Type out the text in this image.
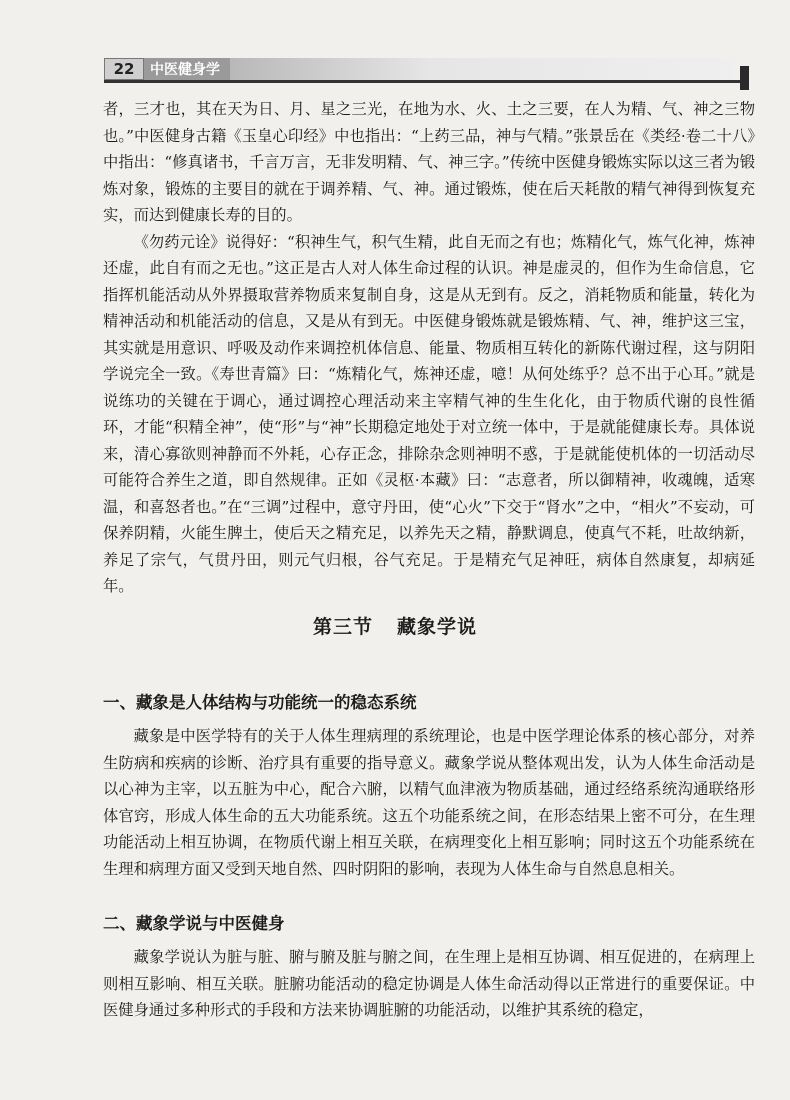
22	中医健身学

者，三才也，其在天为日、月、星之三光，在地为水、火、土之三要，在人为精、气、神之三物也。”中医健身古籍《玉皇心印经》中也指出：“上药三品，神与气精。”张景岳在《类经·卷二十八》中指出：“修真诸书，千言万言，无非发明精、气、神三字。”传统中医健身锻炼实际以这三者为锻炼对象，锻炼的主要目的就在于调养精、气、神。通过锻炼，使在后天耗散的精气神得到恢复充实，而达到健康长寿的目的。

《勿药元诠》说得好：“积神生气，积气生精，此自无而之有也；炼精化气，炼气化神，炼神还虚，此自有而之无也。”这正是古人对人体生命过程的认识。神是虚灵的，但作为生命信息，它指挥机能活动从外界摄取营养物质来复制自身，这是从无到有。反之，消耗物质和能量，转化为精神活动和机能活动的信息，又是从有到无。中医健身锻炼就是锻炼精、气、神，维护这三宝，其实就是用意识、呼吸及动作来调控机体信息、能量、物质相互转化的新陈代谢过程，这与阴阳学说完全一致。《寿世青篇》曰：“炼精化气，炼神还虚，噫！从何处练乎？总不出于心耳。”就是说练功的关键在于调心，通过调控心理活动来主宰精气神的生生化化，由于物质代谢的良性循环，才能“积精全神”，使“形”与“神”长期稳定地处于对立统一体中，于是就能健康长寿。具体说来，清心寡欲则神静而不外耗，心存正念，排除杂念则神明不惑，于是就能使机体的一切活动尽可能符合养生之道，即自然规律。正如《灵枢·本藏》曰：“志意者，所以御精神，收魂魄，适寒温，和喜怒者也。”在“三调”过程中，意守丹田，使“心火”下交于“肾水”之中，“相火”不妄动，可保养阴精，火能生脾土，使后天之精充足，以养先天之精，静默调息，使真气不耗，吐故纳新，养足了宗气，气贯丹田，则元气归根，谷气充足。于是精充气足神旺，病体自然康复，却病延年。

第三节 藏象学说
一、藏象是人体结构与功能统一的稳态系统

藏象是中医学特有的关于人体生理病理的系统理论，也是中医学理论体系的核心部分，对养生防病和疾病的诊断、治疗具有重要的指导意义。藏象学说从整体观出发，认为人体生命活动是以心神为主宰，以五脏为中心，配合六腑，以精气血津液为物质基础，通过经络系统沟通联络形体官窍，形成人体生命的五大功能系统。这五个功能系统之间，在形态结果上密不可分，在生理功能活动上相互协调，在物质代谢上相互关联，在病理变化上相互影响；同时这五个功能系统在生理和病理方面又受到天地自然、四时阴阳的影响，表现为人体生命与自然息息相关。

二、藏象学说与中医健身

藏象学说认为脏与脏、腑与腑及脏与腑之间，在生理上是相互协调、相互促进的，在病理上则相互影响、相互关联。脏腑功能活动的稳定协调是人体生命活动得以正常进行的重要保证。中医健身通过多种形式的手段和方法来协调脏腑的功能活动，以维护其系统的稳定，
